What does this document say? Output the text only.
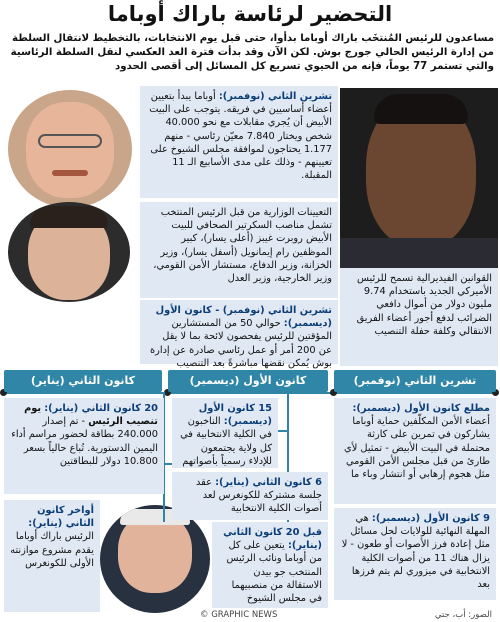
التحضير لرئاسة باراك أوباما

مساعدون للرئيس المُنتخَب باراك أوباما بدأوا، حتى قبل يوم الانتخابات، بالتخطيط لانتقال السلطة من إدارة الرئيس الحالي جورج بوش. لكن الآن وقد بدأت فترة العد العكسي لنقل السلطة الرئاسية والتي تستمر 77 يوماً، فإنه من الحيوي تسريع كل المسائل إلى أقصى الحدود

تشرين الثاني (نوفمبر): أوباما يبدأ بتعيين أعضاء أساسيين في فريقه. يتوجب على البيت الأبيض أن يُجري مقابلات مع نحو 40.000 شخص ويختار 7.840 معيّن رئاسي - منهم 1.177 يحتاجون لموافقة مجلس الشيوخ على تعيينهم - وذلك على مدى الأسابيع الـ 11 المقبلة.

التعيينات الوزارية من قبل الرئيس المنتخب تشمل مناصب السكرتير الصحافي للبيت الأبيض روبرت غيبز (أعلى يسار)، كبير الموظفين رام إيمانويل (أسفل يسار)، وزير الخزانة، وزير الدفاع، مستشار الأمن القومي، وزير الخارجية، وزير العدل

تشرين الثاني (نوفمبر) - كانون الأول (ديسمبر): حوالي 50 من المستشارين المؤقتين للرئيس يفحصون لائحة بما لا يقل عن 200 أمر أو عمل رئاسي صادرة عن إدارة بوش يُمكن نقضها مباشرةً بعد التنصيب

القوانين الفيديرالية تسمح للرئيس الأميركي الجديد باستخدام 9.74 مليون دولار من أموال دافعي الضرائب لدفع أجور أعضاء الفريق الانتقالي وكلفة حفلة التنصيب

تشرين الثاني (نوفمبر)
كانون الأول (ديسمبر)
كانون الثاني (يناير)

مطلع كانون الأول (ديسمبر): أعضاء الأمن المكلّفين حماية أوباما يشاركون في تمرين على كارثة محتملة في البيت الأبيض - تمثيل لأي طارئ من قبل مجلس الأمن القومي مثل هجوم إرهابي أو انتشار وباء ما

9 كانون الأول (ديسمبر): هي المهلة النهائية للولايات لحل مسائل مثل إعادة فرز الأصوات أو طعون - لا يزال هناك 11 من أصوات الكلية الانتخابية في ميزوري لم يتم فرزها بعد

15 كانون الأول (ديسمبر): الناخبون في الكلية الانتخابية في كل ولاية يجتمعون للإدلاء رسمياً بأصواتهم

6 كانون الثاني (يناير): عقد جلسة مشتركة للكونغرس لعد أصوات الكلية الانتخابية

قبل 20 كانون الثاني (يناير): يتعين على كل من أوباما ونائب الرئيس المنتخب جو بيدن الاستقالة من منصبيهما في مجلس الشيوخ

20 كانون الثاني (يناير): يوم تنصيب الرئيس - تم إصدار 240.000 بطاقة لحضور مراسم أداء اليمين الدستورية. تُباع حالياً بسعر 10.800 دولار للبطاقتين

أواخر كانون الثاني (يناير): الرئيس باراك أوباما يقدم مشروع موازنته الأولى للكونغرس

© GRAPHIC NEWS	الصور: أب، جتي
